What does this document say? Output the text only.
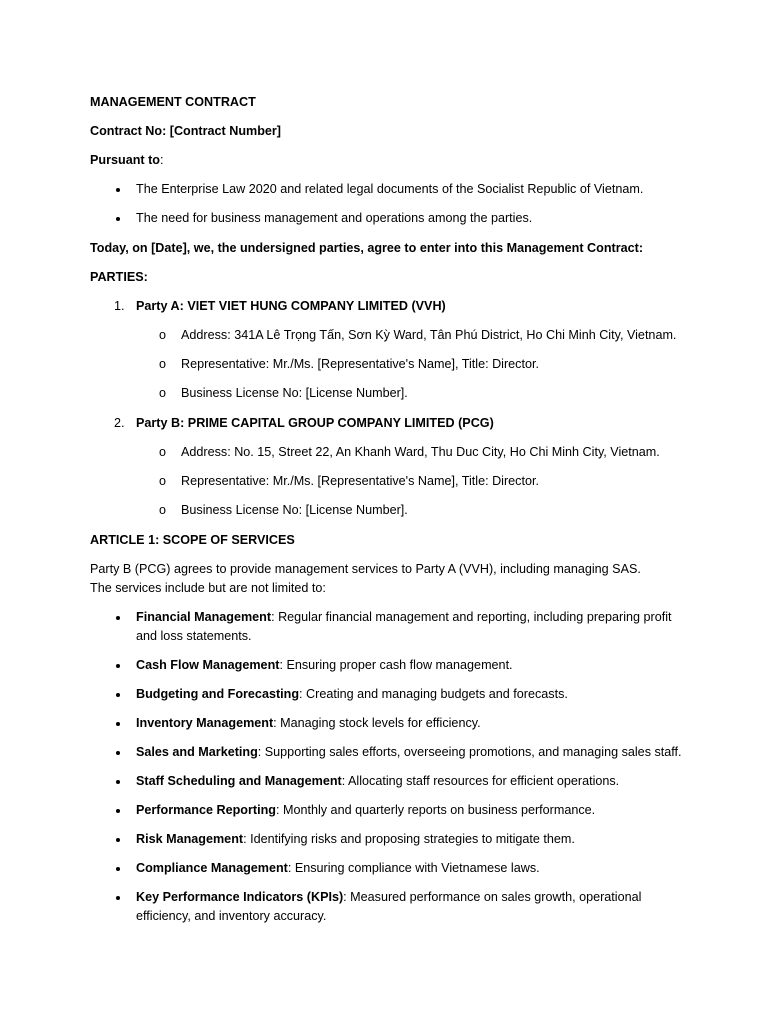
MANAGEMENT CONTRACT

Contract No: [Contract Number]

Pursuant to:

The Enterprise Law 2020 and related legal documents of the Socialist Republic of Vietnam.
The need for business management and operations among the parties.

Today, on [Date], we, the undersigned parties, agree to enter into this Management Contract:

PARTIES:

1. Party A: VIET VIET HUNG COMPANY LIMITED (VVH)
o Address: 341A Lê Trọng Tấn, Sơn Kỳ Ward, Tân Phú District, Ho Chi Minh City, Vietnam.
o Representative: Mr./Ms. [Representative's Name], Title: Director.
o Business License No: [License Number].
2. Party B: PRIME CAPITAL GROUP COMPANY LIMITED (PCG)
o Address: No. 15, Street 22, An Khanh Ward, Thu Duc City, Ho Chi Minh City, Vietnam.
o Representative: Mr./Ms. [Representative's Name], Title: Director.
o Business License No: [License Number].

ARTICLE 1: SCOPE OF SERVICES

Party B (PCG) agrees to provide management services to Party A (VVH), including managing SAS. The services include but are not limited to:

Financial Management: Regular financial management and reporting, including preparing profit and loss statements.
Cash Flow Management: Ensuring proper cash flow management.
Budgeting and Forecasting: Creating and managing budgets and forecasts.
Inventory Management: Managing stock levels for efficiency.
Sales and Marketing: Supporting sales efforts, overseeing promotions, and managing sales staff.
Staff Scheduling and Management: Allocating staff resources for efficient operations.
Performance Reporting: Monthly and quarterly reports on business performance.
Risk Management: Identifying risks and proposing strategies to mitigate them.
Compliance Management: Ensuring compliance with Vietnamese laws.
Key Performance Indicators (KPIs): Measured performance on sales growth, operational efficiency, and inventory accuracy.
